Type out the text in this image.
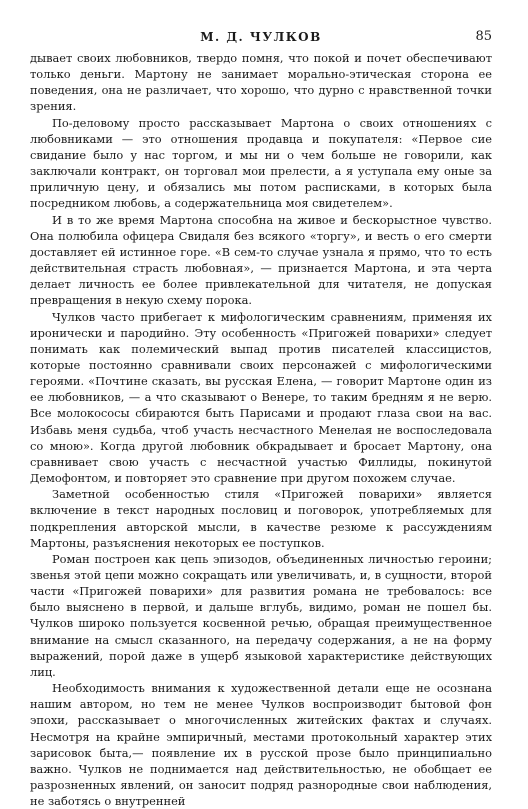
М. Д. ЧУЛКОВ	85

дывает своих любовников, твердо помня, что покой и почет обеспечивают только деньги. Мартону не занимает морально-этическая сторона ее поведения, она не различает, что хорошо, что дурно с нравственной точки зрения.

По-деловому просто рассказывает Мартона о своих отношениях с любовниками — это отношения продавца и покупателя: «Первое сие свидание было у нас торгом, и мы ни о чем больше не говорили, как заключали контракт, он торговал мои прелести, а я уступала ему оные за приличную цену, и обязались мы потом расписками, в которых была посредником любовь, а содержательница моя свидетелем».

И в то же время Мартона способна на живое и бескорыстное чувство. Она полюбила офицера Свидаля без всякого «торгу», и весть о его смерти доставляет ей истинное горе. «В сем-то случае узнала я прямо, что то есть действительная страсть любовная», — признается Мартона, и эта черта делает личность ее более привлекательной для читателя, не допуская превращения в некую схему порока.

Чулков часто прибегает к мифологическим сравнениям, применяя их иронически и пародийно. Эту особенность «Пригожей поварихи» следует понимать как полемический выпад против писателей классицистов, которые постоянно сравнивали своих персонажей с мифологическими героями. «Почтине сказать, вы русская Елена, — говорит Мартоне один из ее любовников, — а что сказывают о Венере, то таким бредням я не верю. Все молокососы сбираются быть Парисами и продают глаза свои на вас. Избавь меня судьба, чтоб участь несчастного Менелая не воспоследовала со мною». Когда другой любовник обкрадывает и бросает Мартону, она сравнивает свою участь с несчастной участью Филлиды, покинутой Демофонтом, и повторяет это сравнение при другом похожем случае.

Заметной особенностью стиля «Пригожей поварихи» является включение в текст народных пословиц и поговорок, употребляемых для подкрепления авторской мысли, в качестве резюме к рассуждениям Мартоны, разъяснения некоторых ее поступков.

Роман построен как цепь эпизодов, объединенных личностью героини; звенья этой цепи можно сокращать или увеличивать, и, в сущности, второй части «Пригожей поварихи» для развития романа не требовалось: все было выяснено в первой, и дальше вглубь, видимо, роман не пошел бы. Чулков широко пользуется косвенной речью, обращая преимущественное внимание на смысл сказанного, на передачу содержания, а не на форму выражений, порой даже в ущерб языковой характеристике действующих лиц.

Необходимость внимания к художественной детали еще не осознана нашим автором, но тем не менее Чулков воспроизводит бытовой фон эпохи, рассказывает о многочисленных житейских фактах и случаях. Несмотря на крайне эмпиричный, местами протокольный характер этих зарисовок быта,— появление их в русской прозе было принципиально важно. Чулков не поднимается над действительностью, не обобщает ее разрозненных явлений, он заносит подряд разнородные свои наблюдения, не заботясь о внутренней
